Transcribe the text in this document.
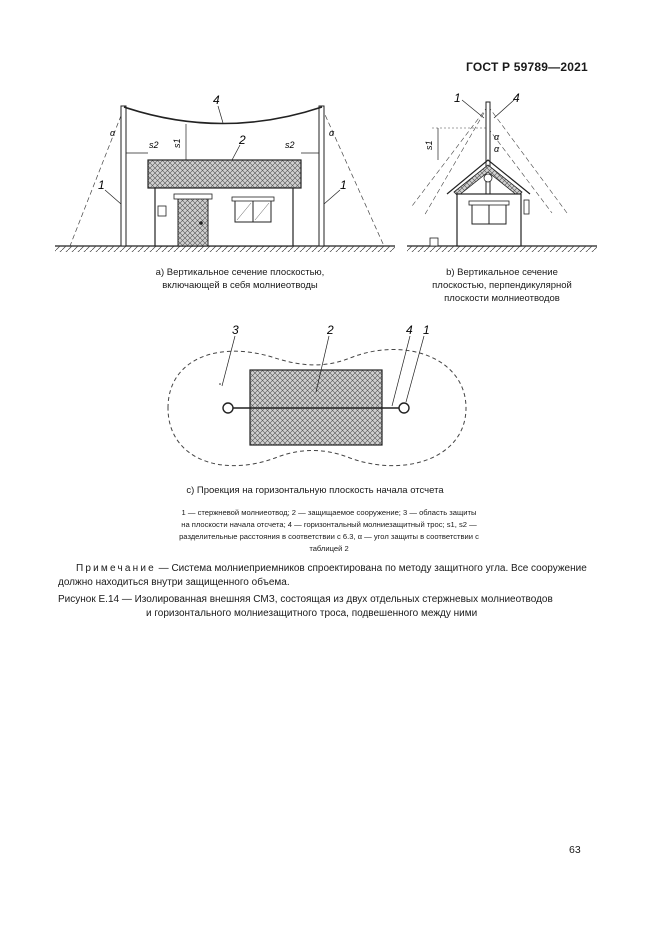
ГОСТ Р 59789—2021
1	1
2
4
s2	s2
s1
α	α
a) Вертикальное сечение плоскостью,
включающей в себя молниеотводы
1	4
s1
α
α
b) Вертикальное сечение
плоскостью, перпендикулярной
плоскости молниеотводов
3	2	4 1
c) Проекция на горизонтальную плоскость начала отсчета
1 — стержневой молниеотвод; 2 — защищаемое сооружение; 3 — область защиты
на плоскости начала отсчета; 4 — горизонтальный молниезащитный трос; s1, s2 —
разделительные расстояния в соответствии с 6.3, α — угол защиты в соответствии с
таблицей 2
Примечание — Система молниеприемников спроектирована по методу защитного угла. Все сооружение должно находиться внутри защищенного объема.
Рисунок Е.14 — Изолированная внешняя СМЗ, состоящая из двух отдельных стержневых молниеотводов
и горизонтального молниезащитного троса, подвешенного между ними
63
